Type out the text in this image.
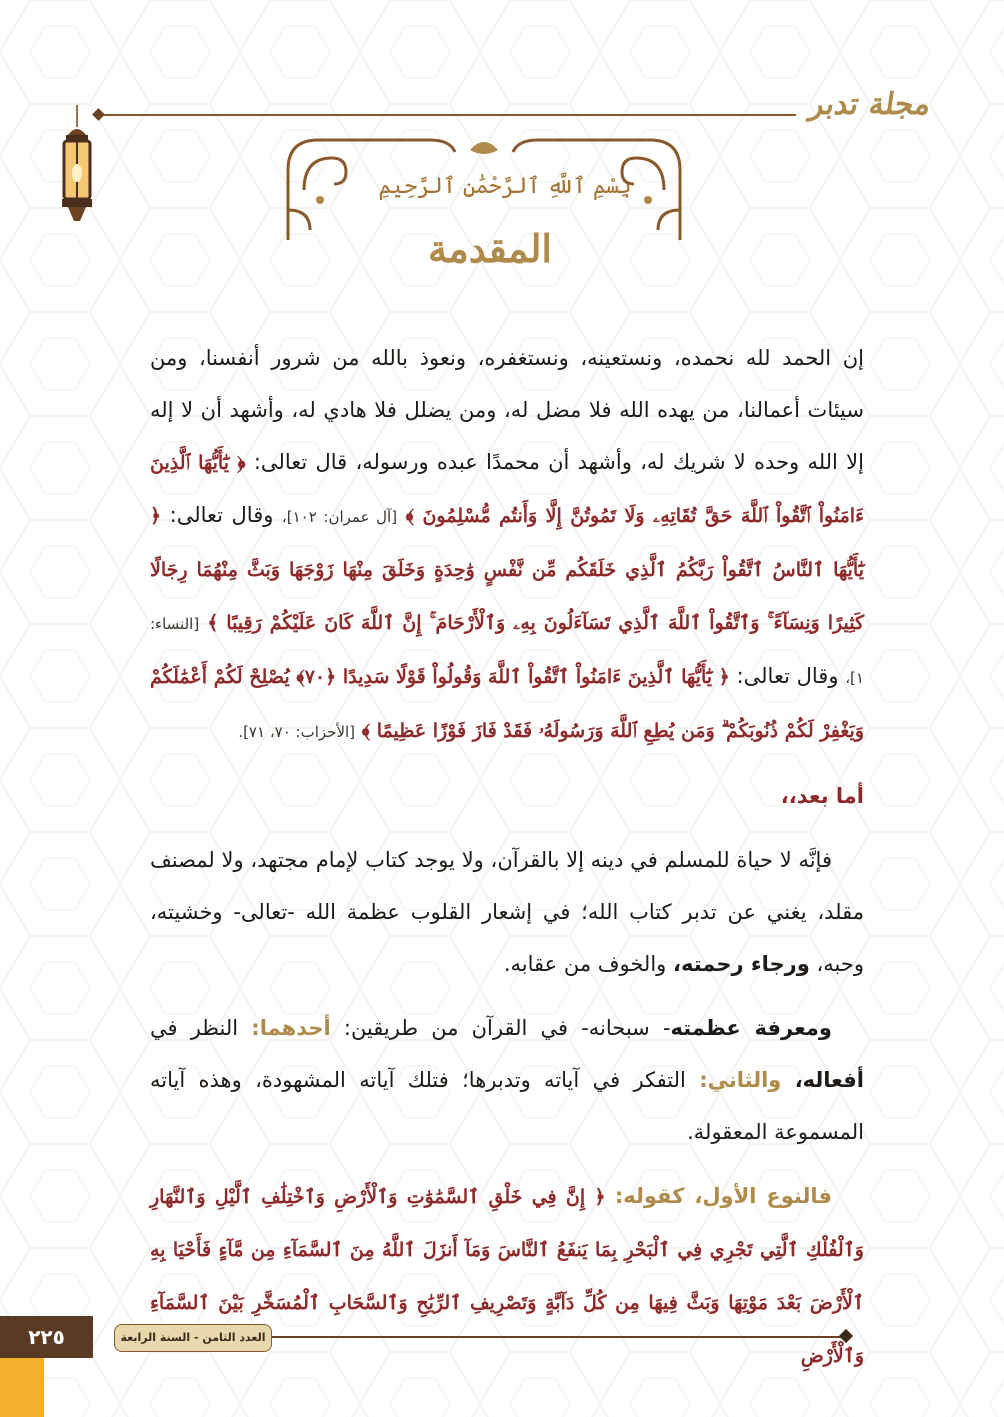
مجلة تدبر
بِسْمِ ٱللَّهِ ٱلرَّحْمَٰنِ ٱلرَّحِيمِ
المقدمة

إن الحمد لله نحمده، ونستعينه، ونستغفره، ونعوذ بالله من شرور أنفسنا، ومن سيئات أعمالنا، من يهده الله فلا مضل له، ومن يضلل فلا هادي له، وأشهد أن لا إله إلا الله وحده لا شريك له، وأشهد أن محمدًا عبده ورسوله، قال تعالى: ﴿ يَٰٓأَيُّهَا ٱلَّذِينَ ءَامَنُواْ ٱتَّقُواْ ٱللَّهَ حَقَّ تُقَاتِهِۦ وَلَا تَمُوتُنَّ إِلَّا وَأَنتُم مُّسْلِمُونَ ﴾ [آل عمران: ١٠٢]، وقال تعالى: ﴿ يَٰٓأَيُّهَا ٱلنَّاسُ ٱتَّقُواْ رَبَّكُمُ ٱلَّذِي خَلَقَكُم مِّن نَّفْسٍ وَٰحِدَةٍ وَخَلَقَ مِنْهَا زَوْجَهَا وَبَثَّ مِنْهُمَا رِجَالًا كَثِيرًا وَنِسَآءً ۚ وَٱتَّقُواْ ٱللَّهَ ٱلَّذِي تَسَآءَلُونَ بِهِۦ وَٱلْأَرْحَامَ ۚ إِنَّ ٱللَّهَ كَانَ عَلَيْكُمْ رَقِيبًا ﴾ [النساء: ١]، وقال تعالى: ﴿ يَٰٓأَيُّهَا ٱلَّذِينَ ءَامَنُواْ ٱتَّقُواْ ٱللَّهَ وَقُولُواْ قَوْلًا سَدِيدًا ﴿٧٠﴾ يُصْلِحْ لَكُمْ أَعْمَٰلَكُمْ وَيَغْفِرْ لَكُمْ ذُنُوبَكُمْ ۗ وَمَن يُطِعِ ٱللَّهَ وَرَسُولَهُۥ فَقَدْ فَازَ فَوْزًا عَظِيمًا ﴾ [الأحزاب: ٧٠، ٧١].

أما بعد،،

فإنَّه لا حياة للمسلم في دينه إلا بالقرآن، ولا يوجد كتاب لإمام مجتهد، ولا لمصنف مقلد، يغني عن تدبر كتاب الله؛ في إشعار القلوب عظمة الله -تعالى- وخشيته، وحبه، ورجاء رحمته، والخوف من عقابه.

ومعرفة عظمته- سبحانه- في القرآن من طريقين: أحدهما: النظر في أفعاله، والثاني: التفكر في آياته وتدبرها؛ فتلك آياته المشهودة، وهذه آياته المسموعة المعقولة.

فالنوع الأول، كقوله: ﴿ إِنَّ فِي خَلْقِ ٱلسَّمَٰوَٰتِ وَٱلْأَرْضِ وَٱخْتِلَٰفِ ٱلَّيْلِ وَٱلنَّهَارِ وَٱلْفُلْكِ ٱلَّتِي تَجْرِي فِي ٱلْبَحْرِ بِمَا يَنفَعُ ٱلنَّاسَ وَمَآ أَنزَلَ ٱللَّهُ مِنَ ٱلسَّمَآءِ مِن مَّآءٍ فَأَحْيَا بِهِ ٱلْأَرْضَ بَعْدَ مَوْتِهَا وَبَثَّ فِيهَا مِن كُلِّ دَآبَّةٍ وَتَصْرِيفِ ٱلرِّيَٰحِ وَٱلسَّحَابِ ٱلْمُسَخَّرِ بَيْنَ ٱلسَّمَآءِ وَٱلْأَرْضِ

العدد الثامن - السنة الرابعة
٢٢٥
